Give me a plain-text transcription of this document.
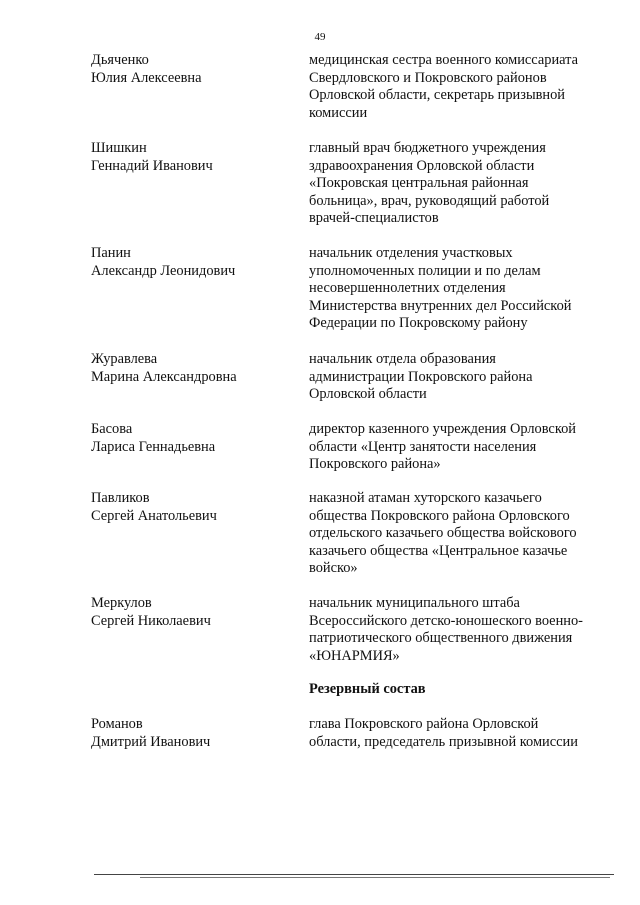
49
Дьяченко
Юлия Алексеевна
медицинская сестра военного комиссариата
Свердловского и Покровского районов
Орловской области, секретарь призывной
комиссии
Шишкин
Геннадий Иванович
главный врач бюджетного учреждения
здравоохранения Орловской области
«Покровская центральная районная
больница», врач, руководящий работой
врачей-специалистов
Панин
Александр Леонидович
начальник отделения участковых
уполномоченных полиции и по делам
несовершеннолетних отделения
Министерства внутренних дел Российской
Федерации по Покровскому району
Журавлева
Марина Александровна
начальник отдела образования
администрации Покровского района
Орловской области
Басова
Лариса Геннадьевна
директор казенного учреждения Орловской
области «Центр занятости населения
Покровского района»
Павликов
Сергей Анатольевич
наказной атаман хуторского казачьего
общества Покровского района Орловского
отдельского казачьего общества войскового
казачьего общества «Центральное казачье
войско»
Меркулов
Сергей Николаевич
начальник муниципального штаба
Всероссийского детско-юношеского военно-
патриотического общественного движения
«ЮНАРМИЯ»
Резервный состав
Романов
Дмитрий Иванович
глава Покровского района Орловской
области, председатель призывной комиссии
